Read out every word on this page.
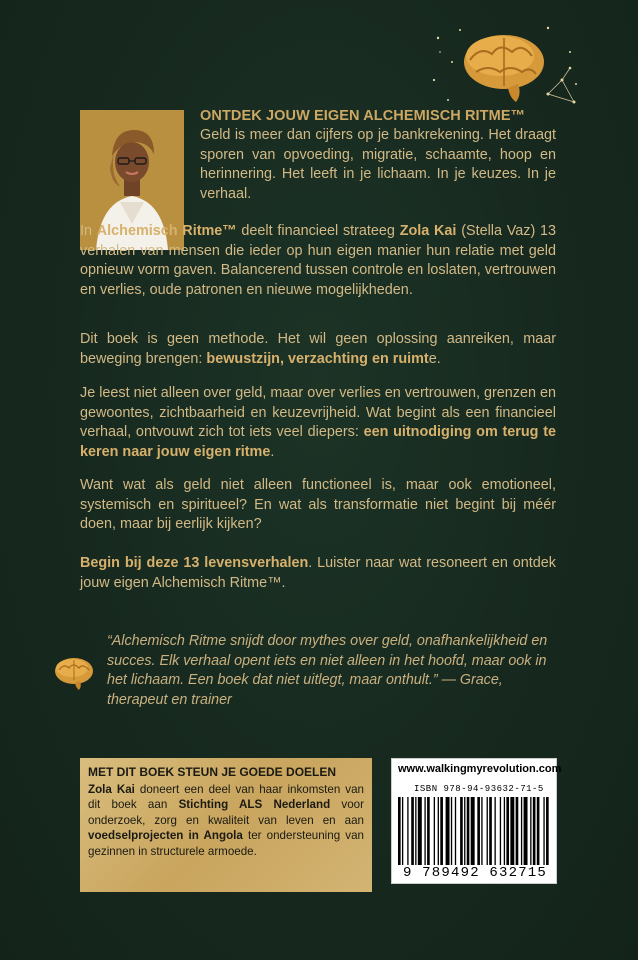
ONTDEK JOUW EIGEN ALCHEMISCH RITME™
Geld is meer dan cijfers op je bankrekening. Het draagt sporen van opvoeding, migratie, schaamte, hoop en herinnering. Het leeft in je lichaam. In je keuzes. In je verhaal.
In Alchemisch Ritme™ deelt financieel strateeg Zola Kai (Stella Vaz) 13 verhalen van mensen die ieder op hun eigen manier hun relatie met geld opnieuw vorm gaven. Balancerend tussen controle en loslaten, vertrouwen en verlies, oude patronen en nieuwe mogelijkheden.
Dit boek is geen methode. Het wil geen oplossing aanreiken, maar beweging brengen: bewustzijn, verzachting en ruimte.
Je leest niet alleen over geld, maar over verlies en vertrouwen, grenzen en gewoontes, zichtbaarheid en keuzevrijheid. Wat begint als een financieel verhaal, ontvouwt zich tot iets veel diepers: een uitnodiging om terug te keren naar jouw eigen ritme.
Want wat als geld niet alleen functioneel is, maar ook emotioneel, systemisch en spiritueel? En wat als transformatie niet begint bij méér doen, maar bij eerlijk kijken?
Begin bij deze 13 levensverhalen. Luister naar wat resoneert en ontdek jouw eigen Alchemisch Ritme™.
“Alchemisch Ritme snijdt door mythes over geld, onafhankelijkheid en succes. Elk verhaal opent iets en niet alleen in het hoofd, maar ook in het lichaam. Een boek dat niet uitlegt, maar onthult.” — Grace, therapeut en trainer
MET DIT BOEK STEUN JE GOEDE DOELEN
Zola Kai doneert een deel van haar inkomsten van dit boek aan Stichting ALS Nederland voor onderzoek, zorg en kwaliteit van leven en aan voedselprojecten in Angola ter ondersteuning van gezinnen in structurele armoede.
www.walkingmyrevolution.com
ISBN 978-94-93632-71-5
9 789492 632715
